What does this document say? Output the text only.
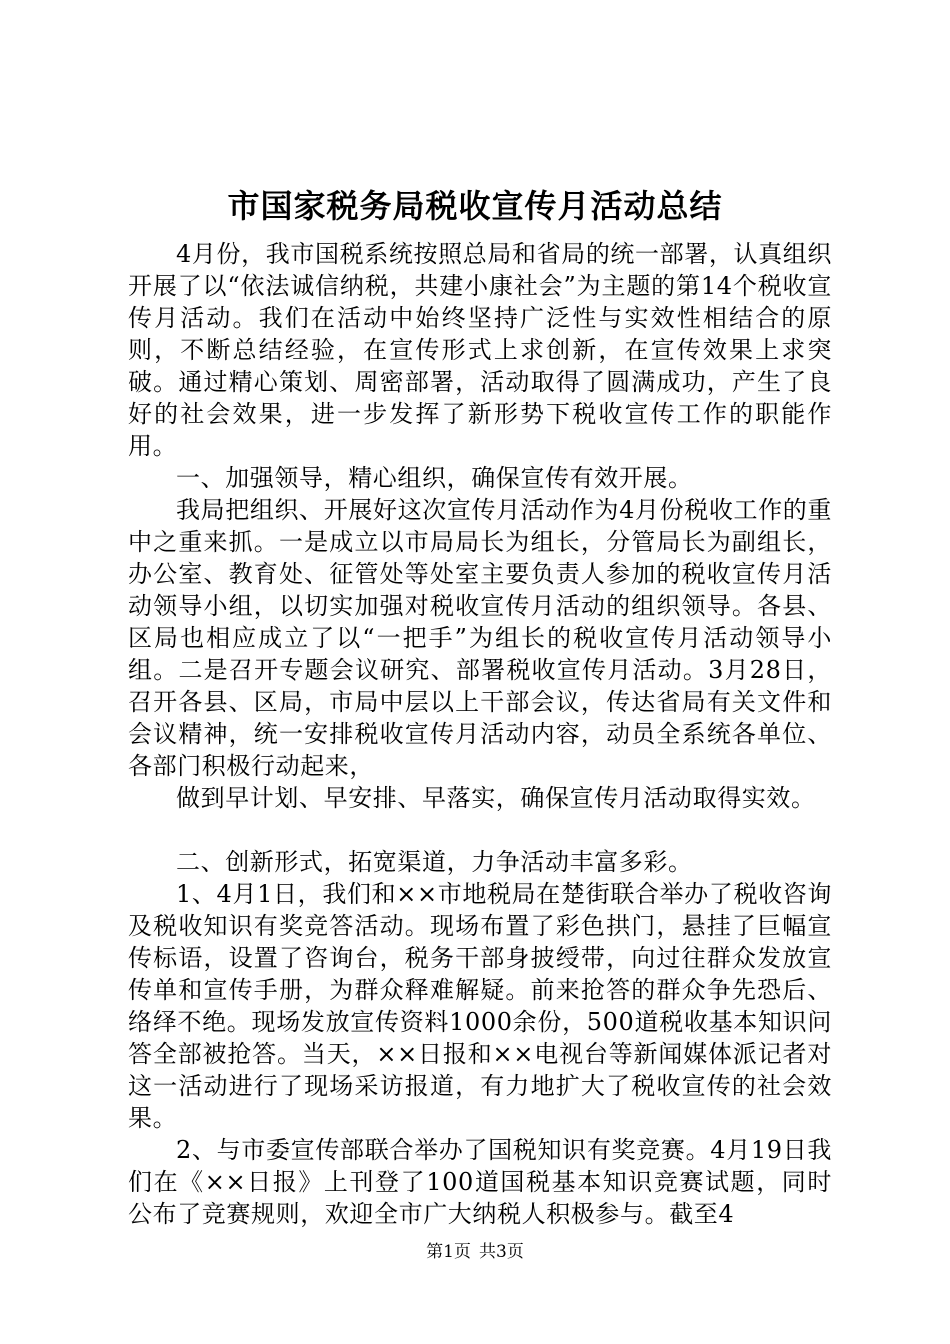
市国家税务局税收宣传月活动总结

4月份，我市国税系统按照总局和省局的统一部署，认真组织开展了以“依法诚信纳税，共建小康社会”为主题的第14个税收宣传月活动。我们在活动中始终坚持广泛性与实效性相结合的原则，不断总结经验，在宣传形式上求创新，在宣传效果上求突破。通过精心策划、周密部署，活动取得了圆满成功，产生了良好的社会效果，进一步发挥了新形势下税收宣传工作的职能作用。

一、加强领导，精心组织，确保宣传有效开展。

我局把组织、开展好这次宣传月活动作为4月份税收工作的重中之重来抓。一是成立以市局局长为组长，分管局长为副组长，办公室、教育处、征管处等处室主要负责人参加的税收宣传月活动领导小组，以切实加强对税收宣传月活动的组织领导。各县、区局也相应成立了以“一把手”为组长的税收宣传月活动领导小组。二是召开专题会议研究、部署税收宣传月活动。3月28日，召开各县、区局，市局中层以上干部会议，传达省局有关文件和会议精神，统一安排税收宣传月活动内容，动员全系统各单位、各部门积极行动起来，

做到早计划、早安排、早落实，确保宣传月活动取得实效。

二、创新形式，拓宽渠道，力争活动丰富多彩。

1、4月1日，我们和××市地税局在楚街联合举办了税收咨询及税收知识有奖竞答活动。现场布置了彩色拱门，悬挂了巨幅宣传标语，设置了咨询台，税务干部身披绶带，向过往群众发放宣传单和宣传手册，为群众释难解疑。前来抢答的群众争先恐后、络绎不绝。现场发放宣传资料1000余份，500道税收基本知识问答全部被抢答。当天，××日报和××电视台等新闻媒体派记者对这一活动进行了现场采访报道，有力地扩大了税收宣传的社会效果。

2、与市委宣传部联合举办了国税知识有奖竞赛。4月19日我们在《××日报》上刊登了100道国税基本知识竞赛试题，同时公布了竞赛规则，欢迎全市广大纳税人积极参与。截至4

第1页 共3页
